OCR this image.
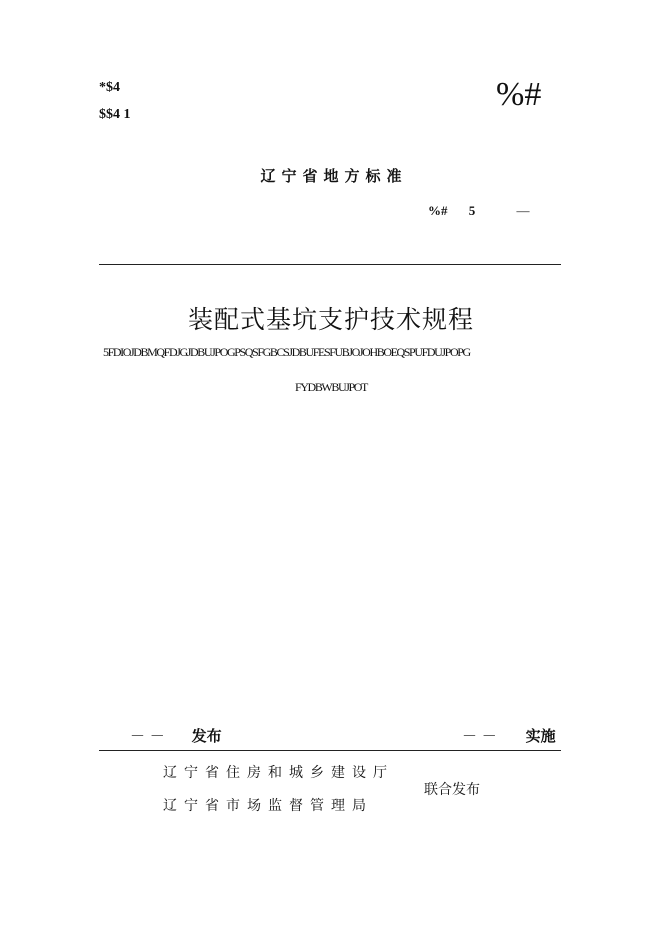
*$4
$$4 1
%#
辽宁省地方标准
%# 5	—
装配式基坑支护技术规程
5FDIOJDBMQFDJGJDBUJPOGPSQSFGBCSJDBUFESFUBJOJOHBOEQSPUFDUJPOPG
FYDBWBUJPOT
－ － 发布	－ － 实施
辽宁省住房和城乡建设厅
辽宁省市场监督管理局
联合发布
